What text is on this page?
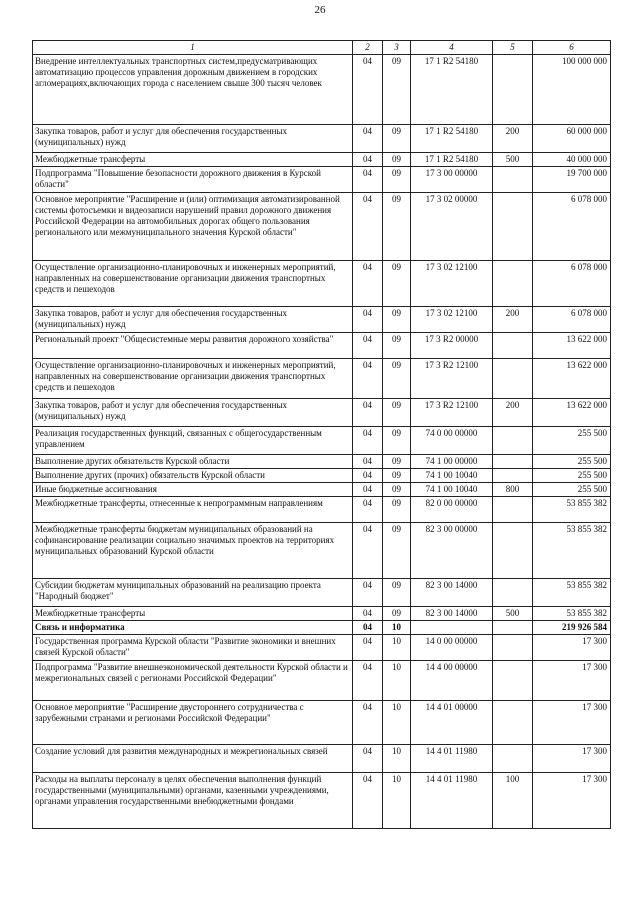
26
1	2	3	4	5	6
Внедрение интеллектуальных транспортных систем,предусматривающих автоматизацию процессов управления дорожным движением в городских агломерациях,включающих города с населением свыше 300 тысяч человек	04	09	17 1 R2 54180		100 000 000
Закупка товаров, работ и услуг для обеспечения государственных (муниципальных) нужд	04	09	17 1 R2 54180	200	60 000 000
Межбюджетные трансферты	04	09	17 1 R2 54180	500	40 000 000
Подпрограмма "Повышение безопасности дорожного движения в Курской области"	04	09	17 3 00 00000		19 700 000
Основное мероприятие "Расширение и (или) оптимизация автоматизированной системы фотосъемки и видеозаписи нарушений правил дорожного движения Российской Федерации на автомобильных дорогах общего пользования регионального или межмуниципального значения Курской области"	04	09	17 3 02 00000		6 078 000
Осуществление организационно-планировочных и инженерных мероприятий, направленных на совершенствование организации движения транспортных средств и пешеходов	04	09	17 3 02 12100		6 078 000
Закупка товаров, работ и услуг для обеспечения государственных (муниципальных) нужд	04	09	17 3 02 12100	200	6 078 000
Региональный проект "Общесистемные меры развития дорожного хозяйства"	04	09	17 3 R2 00000		13 622 000
Осуществление организационно-планировочных и инженерных мероприятий, направленных на совершенствование организации движения транспортных средств и пешеходов	04	09	17 3 R2 12100		13 622 000
Закупка товаров, работ и услуг для обеспечения государственных (муниципальных) нужд	04	09	17 3 R2 12100	200	13 622 000
Реализация государственных функций, связанных с общегосударственным управлением	04	09	74 0 00 00000		255 500
Выполнение других обязательств Курской области	04	09	74 1 00 00000		255 500
Выполнение других (прочих) обязательств Курской области	04	09	74 1 00 10040		255 500
Иные бюджетные ассигнования	04	09	74 1 00 10040	800	255 500
Межбюджетные трансферты, отнесенные к непрограммным направлениям	04	09	82 0 00 00000		53 855 382
Межбюджетные трансферты бюджетам муниципальных образований на софинансирование реализации социально значимых проектов на территориях муниципальных образований Курской области	04	09	82 3 00 00000		53 855 382
Субсидии бюджетам муниципальных образований на реализацию проекта "Народный бюджет"	04	09	82 3 00 14000		53 855 382
Межбюджетные трансферты	04	09	82 3 00 14000	500	53 855 382
Связь и информатика	04	10			219 926 584
Государственная программа Курской области "Развитие экономики и внешних связей Курской области"	04	10	14 0 00 00000		17 300
Подпрограмма "Развитие внешнеэкономической деятельности Курской области и межрегиональных связей с регионами Российской Федерации"	04	10	14 4 00 00000		17 300
Основное мероприятие "Расширение двустороннего сотрудничества с зарубежными странами и регионами Российской Федерации"	04	10	14 4 01 00000		17 300
Создание условий для развития международных и межрегиональных связей	04	10	14 4 01 11980		17 300
Расходы на выплаты персоналу в целях обеспечения выполнения функций государственными (муниципальными) органами, казенными учреждениями, органами управления государственными внебюджетными фондами	04	10	14 4 01 11980	100	17 300
